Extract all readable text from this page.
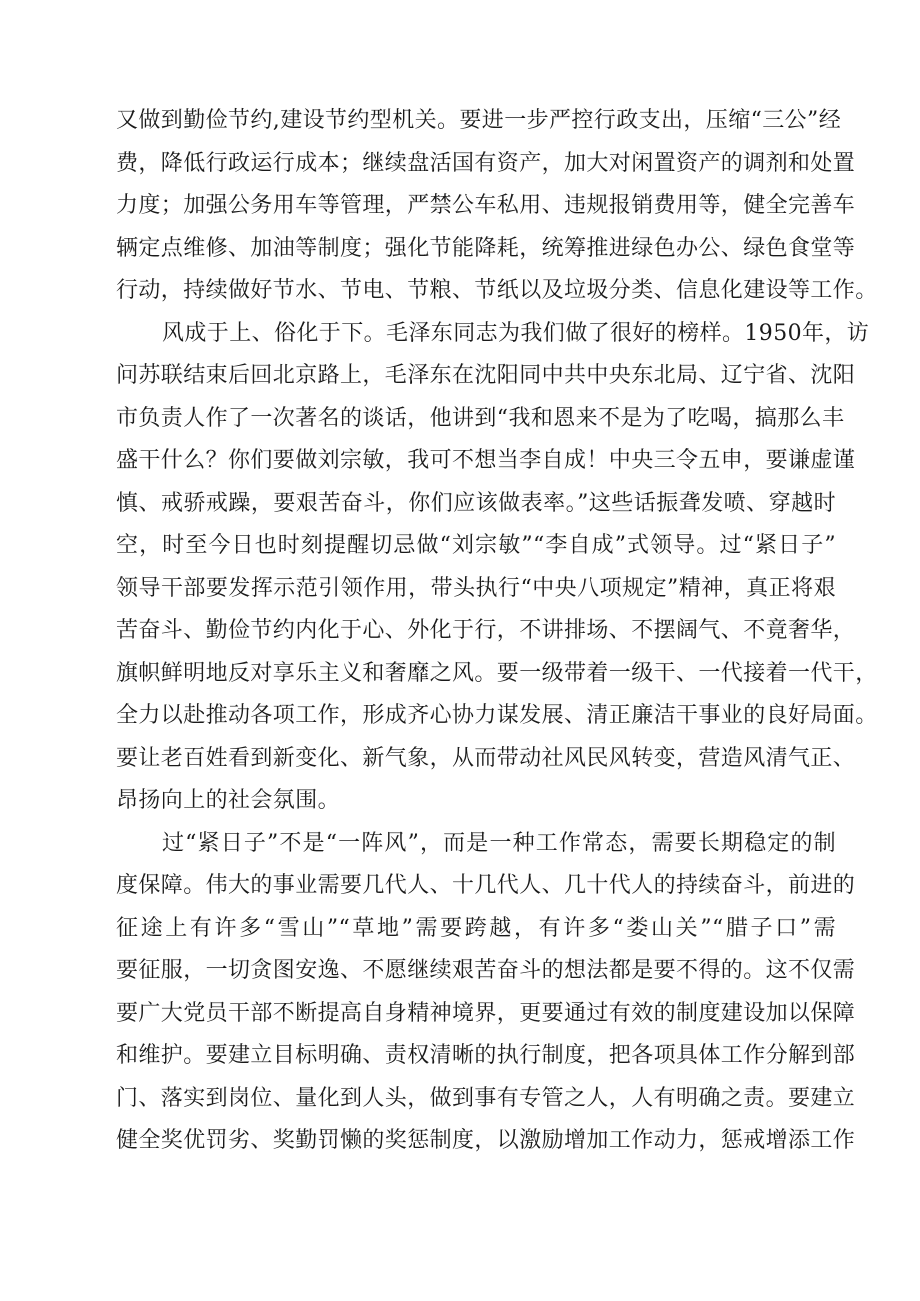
又做到勤俭节约,建设节约型机关。要进一步严控行政支出，压缩“三公”经
费，降低行政运行成本；继续盘活国有资产，加大对闲置资产的调剂和处置
力度；加强公务用车等管理，严禁公车私用、违规报销费用等，健全完善车
辆定点维修、加油等制度；强化节能降耗，统筹推进绿色办公、绿色食堂等
行动，持续做好节水、节电、节粮、节纸以及垃圾分类、信息化建设等工作。
风成于上、俗化于下。毛泽东同志为我们做了很好的榜样。1950年，访
问苏联结束后回北京路上，毛泽东在沈阳同中共中央东北局、辽宁省、沈阳
市负责人作了一次著名的谈话，他讲到“我和恩来不是为了吃喝，搞那么丰
盛干什么？你们要做刘宗敏，我可不想当李自成！中央三令五申，要谦虚谨
慎、戒骄戒躁，要艰苦奋斗，你们应该做表率。”这些话振聋发喷、穿越时
空，时至今日也时刻提醒切忌做“刘宗敏”“李自成”式领导。过“紧日子”
领导干部要发挥示范引领作用，带头执行“中央八项规定”精神，真正将艰
苦奋斗、勤俭节约内化于心、外化于行，不讲排场、不摆阔气、不竟奢华，
旗帜鲜明地反对享乐主义和奢靡之风。要一级带着一级干、一代接着一代干，
全力以赴推动各项工作，形成齐心协力谋发展、清正廉洁干事业的良好局面。
要让老百姓看到新变化、新气象，从而带动社风民风转变，营造风清气正、
昂扬向上的社会氛围。
过“紧日子”不是“一阵风”，而是一种工作常态，需要长期稳定的制
度保障。伟大的事业需要几代人、十几代人、几十代人的持续奋斗，前进的
征途上有许多“雪山”“草地”需要跨越，有许多“娄山关”“腊子口”需
要征服，一切贪图安逸、不愿继续艰苦奋斗的想法都是要不得的。这不仅需
要广大党员干部不断提高自身精神境界，更要通过有效的制度建设加以保障
和维护。要建立目标明确、责权清晰的执行制度，把各项具体工作分解到部
门、落实到岗位、量化到人头，做到事有专管之人，人有明确之责。要建立
健全奖优罚劣、奖勤罚懒的奖惩制度，以激励增加工作动力，惩戒增添工作
